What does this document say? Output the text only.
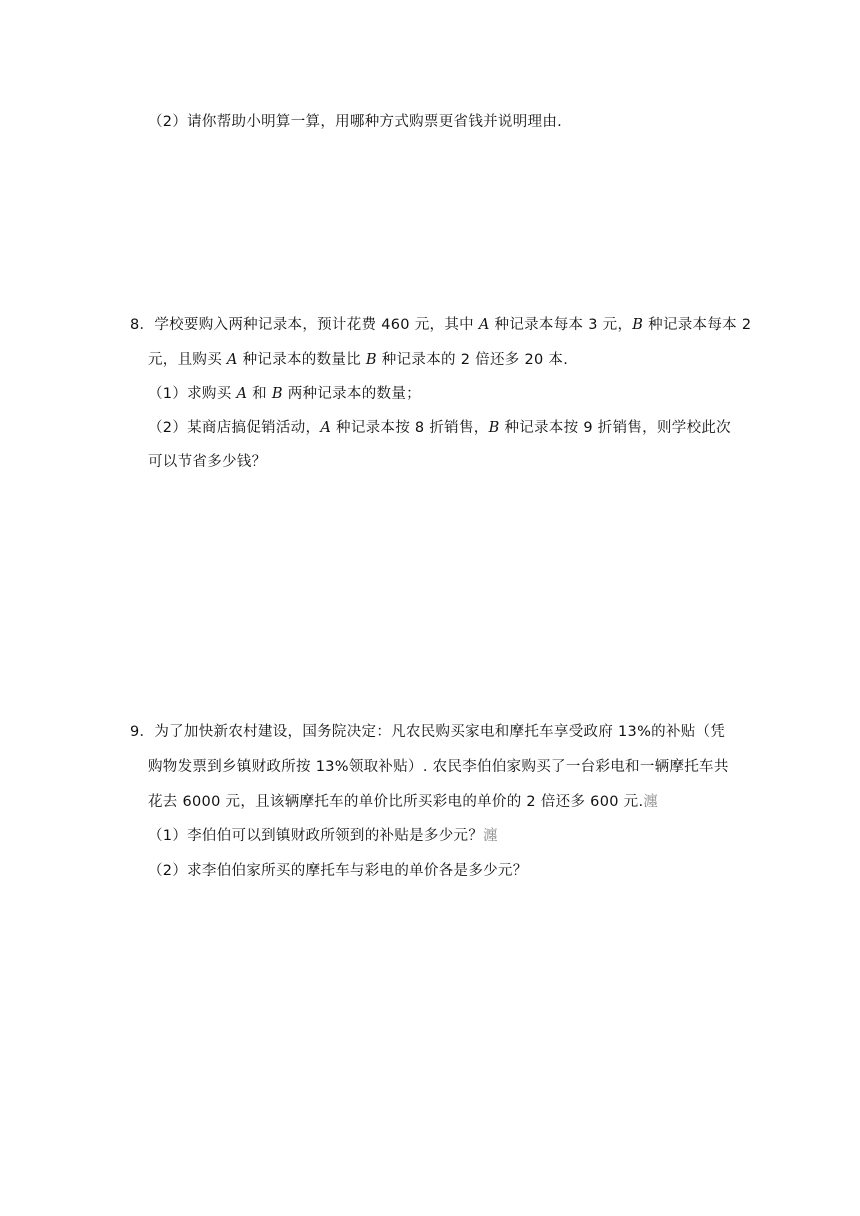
（2）请你帮助小明算一算，用哪种方式购票更省钱并说明理由.
8．学校要购入两种记录本，预计花费 460 元，其中 A 种记录本每本 3 元，B 种记录本每本 2
元，且购买 A 种记录本的数量比 B 种记录本的 2 倍还多 20 本.
（1）求购买 A 和 B 两种记录本的数量；
（2）某商店搞促销活动，A 种记录本按 8 折销售，B 种记录本按 9 折销售，则学校此次
可以节省多少钱？
9．为了加快新农村建设，国务院决定：凡农民购买家电和摩托车享受政府 13%的补贴（凭
购物发票到乡镇财政所按 13%领取补贴）. 农民李伯伯家购买了一台彩电和一辆摩托车共
花去 6000 元，且该辆摩托车的单价比所买彩电的单价的 2 倍还多 600 元.瀍
（1）李伯伯可以到镇财政所领到的补贴是多少元？瀍
（2）求李伯伯家所买的摩托车与彩电的单价各是多少元？
